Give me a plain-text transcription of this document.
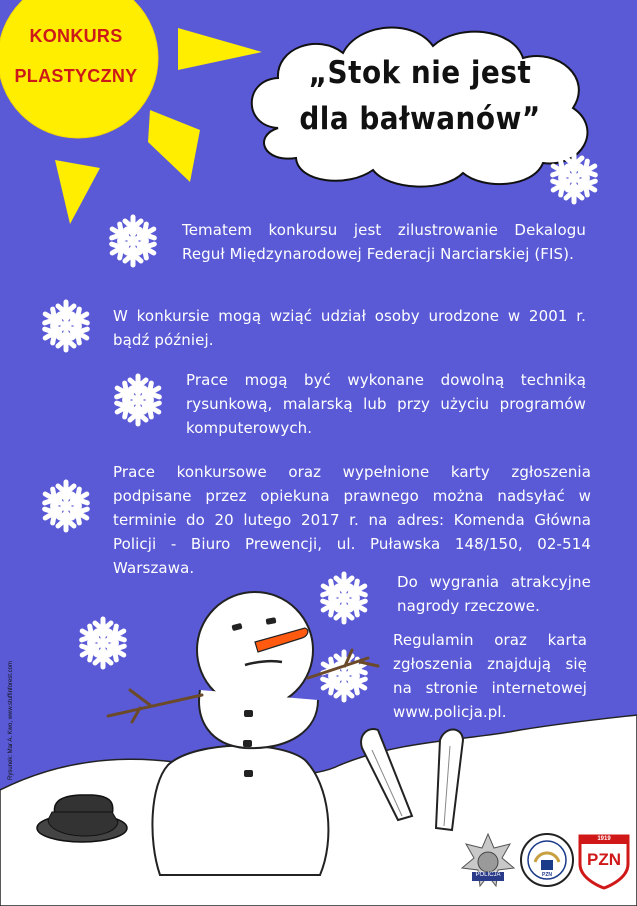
KONKURS
PLASTYCZNY	„Stok nie jest
dla bałwanów”
Tematem konkursu jest zilustrowanie Dekalogu Reguł Międzynarodowej Federacji Narciarskiej (FIS).
W konkursie mogą wziąć udział osoby urodzone w 2001 r. bądź później.
Prace mogą być wykonane dowolną techniką rysunkową, malarską lub przy użyciu programów komputerowych.
Prace konkursowe oraz wypełnione karty zgłoszenia podpisane przez opiekuna prawnego można nadsyłać w terminie do 20 lutego 2017 r. na adres: Komenda Główna Policji - Biuro Prewencji, ul. Puławska 148/150, 02-514 Warszawa.
Do wygrania atrakcyjne nagrody rzeczowe.
Regulamin oraz karta zgłoszenia znajdują się na stronie internetowej www.policja.pl.
Rysunek: Mar A. Kwo, www.stuffinforest.com
POLICJA	PZN
1919
PZN
